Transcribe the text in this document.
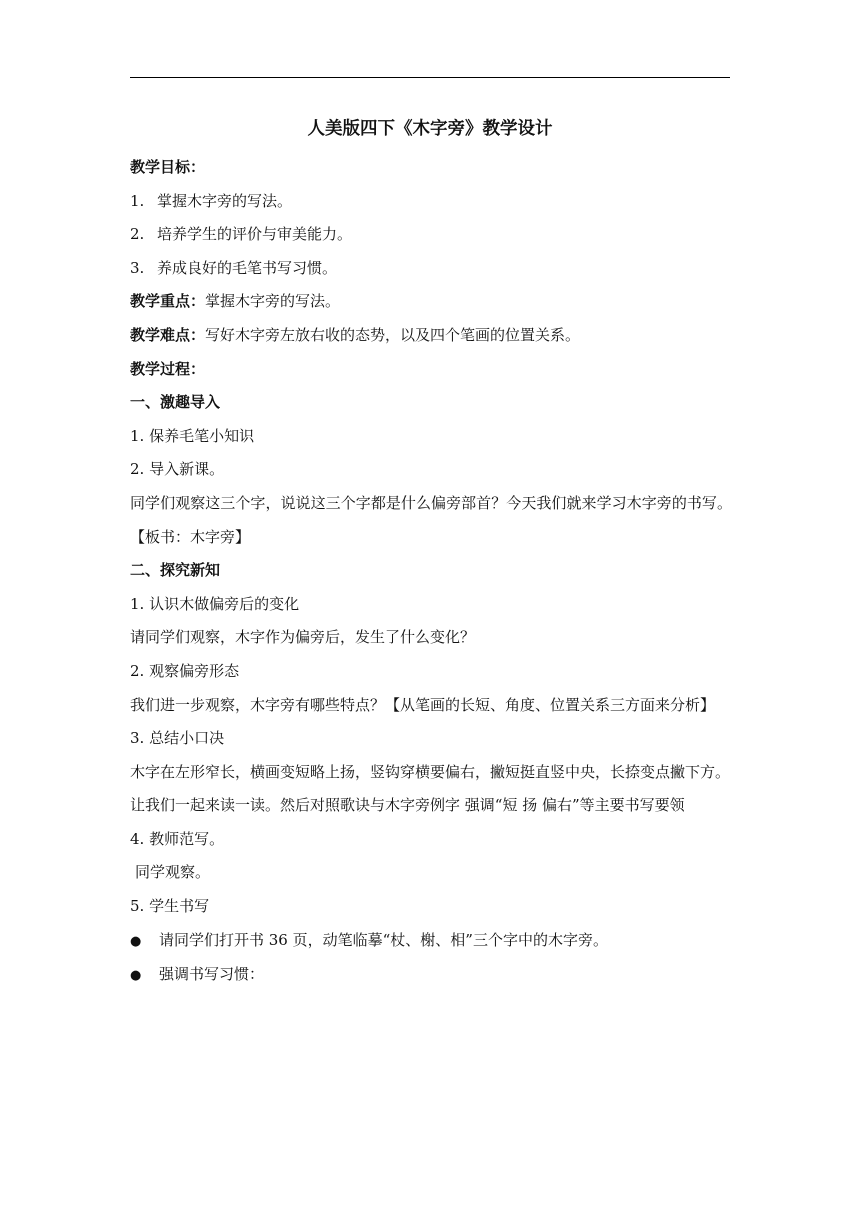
人美版四下《木字旁》教学设计
教学目标：
1. 掌握木字旁的写法。
2. 培养学生的评价与审美能力。
3. 养成良好的毛笔书写习惯。
教学重点：掌握木字旁的写法。
教学难点：写好木字旁左放右收的态势，以及四个笔画的位置关系。
教学过程：
一、激趣导入
1. 保养毛笔小知识
2. 导入新课。
同学们观察这三个字，说说这三个字都是什么偏旁部首？今天我们就来学习木字旁的书写。【板书：木字旁】
二、探究新知
1. 认识木做偏旁后的变化
请同学们观察，木字作为偏旁后，发生了什么变化？
2. 观察偏旁形态
我们进一步观察，木字旁有哪些特点？【从笔画的长短、角度、位置关系三方面来分析】
3. 总结小口决
木字在左形窄长，横画变短略上扬，竖钩穿横要偏右，撇短挺直竖中央，长捺变点撇下方。
让我们一起来读一读。然后对照歌诀与木字旁例字 强调“短 扬 偏右”等主要书写要领
4. 教师范写。
同学观察。
5. 学生书写
● 请同学们打开书 36 页，动笔临摹“杖、榭、相”三个字中的木字旁。
● 强调书写习惯：
